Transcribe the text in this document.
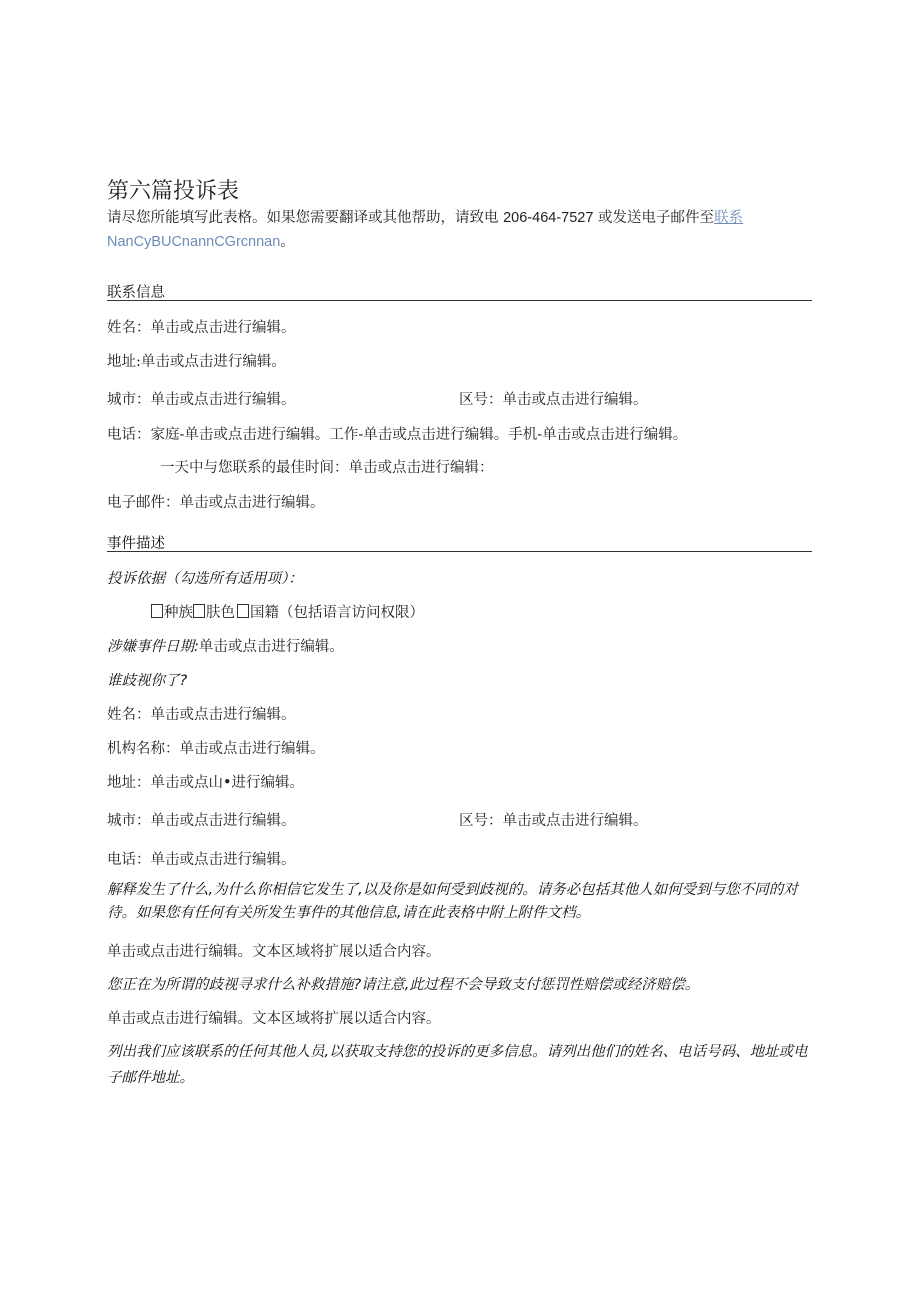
第六篇投诉表
请尽您所能填写此表格。如果您需要翻译或其他帮助，请致电 206-464-7527 或发送电子邮件至联系
NanCyBUCnannCGrcnnan。
联系信息
姓名：单击或点击进行编辑。
地址:单击或点击进行编辑。
城市：单击或点击进行编辑。	区号：单击或点击进行编辑。
电话：家庭-单击或点击进行编辑。工作-单击或点击进行编辑。手机-单击或点击进行编辑。
一天中与您联系的最佳时间：单击或点击进行编辑：
电子邮件：单击或点击进行编辑。
事件描述
投诉依据（勾选所有适用项）：
种族 肤色 国籍（包括语言访问权限）
涉嫌事件日期:单击或点击进行编辑。
谁歧视你了?
姓名：单击或点击进行编辑。
机构名称：单击或点击进行编辑。
地址：单击或点山•进行编辑。
城市：单击或点击进行编辑。	区号：单击或点击进行编辑。
电话：单击或点击进行编辑。
解释发生了什么,为什么你相信它发生了,以及你是如何受到歧视的。请务必包括其他人如何受到与您不同的对待。如果您有任何有关所发生事件的其他信息,请在此表格中附上附件文档。
单击或点击进行编辑。文本区域将扩展以适合内容。
您正在为所谓的歧视寻求什么补救措施?请注意,此过程不会导致支付惩罚性赔偿或经济赔偿。
单击或点击进行编辑。文本区域将扩展以适合内容。
列出我们应该联系的任何其他人员,以获取支持您的投诉的更多信息。请列出他们的姓名、电话号码、地址或电子邮件地址。
